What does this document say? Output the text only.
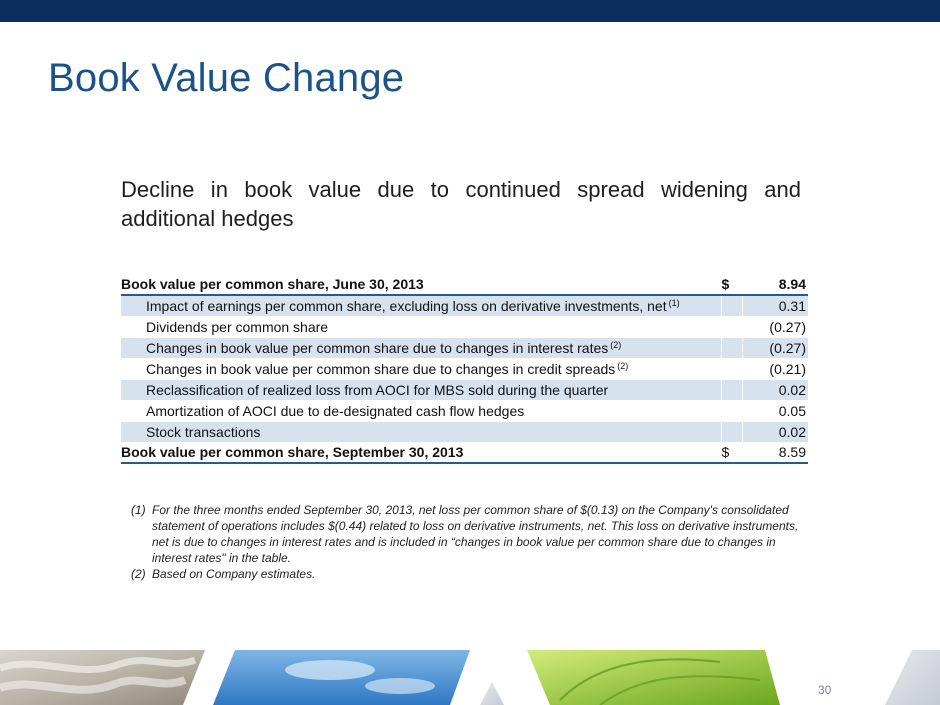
Book Value Change
Decline in book value due to continued spread widening and additional hedges
Book value per common share, June 30, 2013	$	8.94
Impact of earnings per common share, excluding loss on derivative investments, net $^{(1)}$		0.31
Dividends per common share		(0.27)
Changes in book value per common share due to changes in interest rates $^{(2)}$		(0.27)
Changes in book value per common share due to changes in credit spreads $^{(2)}$		(0.21)
Reclassification of realized loss from AOCI for MBS sold during the quarter		0.02
Amortization of AOCI due to de-designated cash flow hedges		0.05
Stock transactions		0.02
Book value per common share, September 30, 2013	$	8.59
(1) For the three months ended September 30, 2013, net loss per common share of $(0.13) on the Company's consolidated statement of operations includes $(0.44) related to loss on derivative instruments, net. This loss on derivative instruments, net is due to changes in interest rates and is included in “changes in book value per common share due to changes in interest rates" in the table.
(2) Based on Company estimates.
30
